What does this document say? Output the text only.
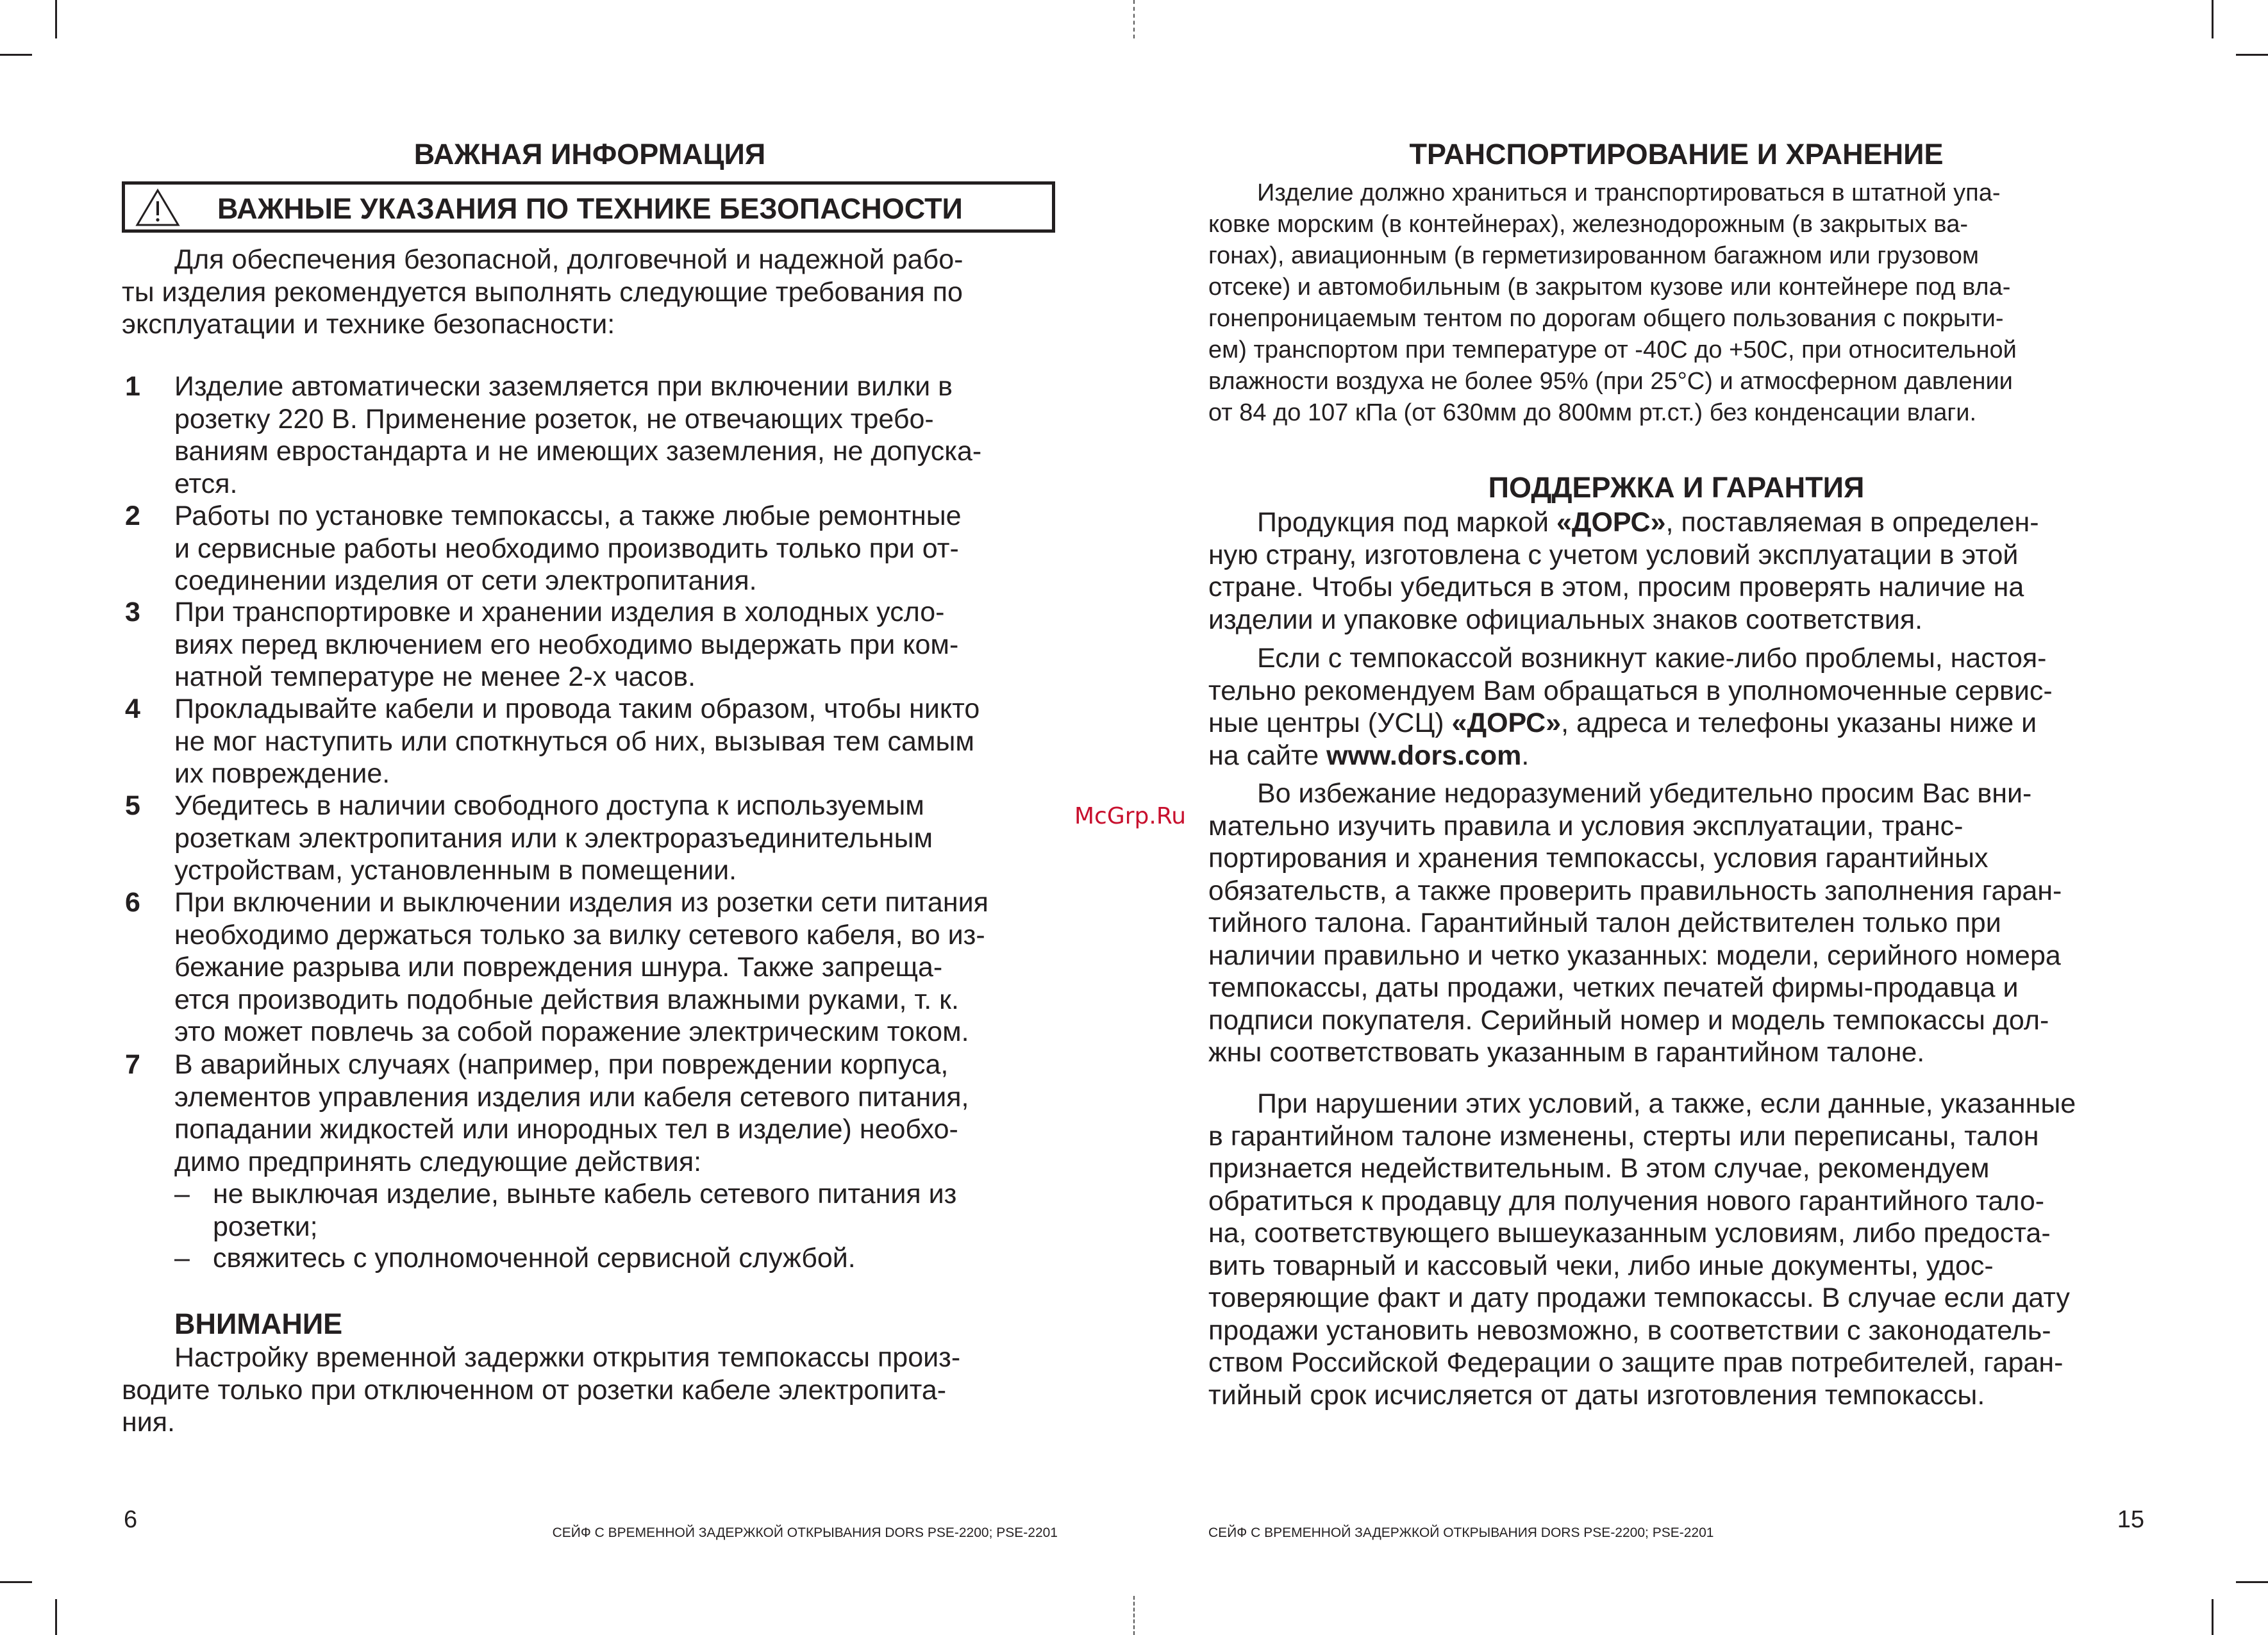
ВАЖНАЯ ИНФОРМАЦИЯ
ВАЖНЫЕ УКАЗАНИЯ ПО ТЕХНИКЕ БЕЗОПАСНОСТИ
Для обеспечения безопасной, долговечной и надежной рабо-
ты изделия рекомендуется выполнять следующие требования по
эксплуатации и технике безопасности:
1 Изделие автоматически заземляется при включении вилки в
розетку 220 В. Применение розеток, не отвечающих требо-
ваниям евростандарта и не имеющих заземления, не допуска-
ется.
2 Работы по установке темпокассы, а также любые ремонтные
и сервисные работы необходимо производить только при от-
соединении изделия от сети электропитания.
3 При транспортировке и хранении изделия в холодных усло-
виях перед включением его необходимо выдержать при ком-
натной температуре не менее 2-х часов.
4 Прокладывайте кабели и провода таким образом, чтобы никто
не мог наступить или споткнуться об них, вызывая тем самым
их повреждение.
5 Убедитесь в наличии свободного доступа к используемым
розеткам электропитания или к электроразъединительным
устройствам, установленным в помещении.
6 При включении и выключении изделия из розетки сети питания
необходимо держаться только за вилку сетевого кабеля, во из-
бежание разрыва или повреждения шнура. Также запреща-
ется производить подобные действия влажными руками, т. к.
это может повлечь за собой поражение электрическим током.
7 В аварийных случаях (например, при повреждении корпуса,
элементов управления изделия или кабеля сетевого питания,
попадании жидкостей или инородных тел в изделие) необхо-
димо предпринять следующие действия:
– не выключая изделие, выньте кабель сетевого питания из
розетки;
– свяжитесь с уполномоченной сервисной службой.
ВНИМАНИЕ
Настройку временной задержки открытия темпокассы произ-
водите только при отключенном от розетки кабеле электропита-
ния.
6	СЕЙФ С ВРЕМЕННОЙ ЗАДЕРЖКОЙ ОТКРЫВАНИЯ DORS PSE-2200; PSE-2201
McGrp.Ru
ТРАНСПОРТИРОВАНИЕ И ХРАНЕНИЕ
Изделие должно храниться и транспортироваться в штатной упа-
ковке морским (в контейнерах), железнодорожным (в закрытых ва-
гонах), авиационным (в герметизированном багажном или грузовом
отсеке) и автомобильным (в закрытом кузове или контейнере под вла-
гонепроницаемым тентом по дорогам общего пользования с покрыти-
ем) транспортом при температуре от -40С до +50С, при относительной
влажности воздуха не более 95% (при 25°С) и атмосферном давлении
от 84 до 107 кПа (от 630мм до 800мм рт.ст.) без конденсации влаги.
ПОДДЕРЖКА И ГАРАНТИЯ
Продукция под маркой «ДОРС», поставляемая в определен-
ную страну, изготовлена с учетом условий эксплуатации в этой
стране. Чтобы убедиться в этом, просим проверять наличие на
изделии и упаковке официальных знаков соответствия.
Если с темпокассой возникнут какие-либо проблемы, настоя-
тельно рекомендуем Вам обращаться в уполномоченные сервис-
ные центры (УСЦ) «ДОРС», адреса и телефоны указаны ниже и
на сайте www.dors.com.
Во избежание недоразумений убедительно просим Вас вни-
мательно изучить правила и условия эксплуатации, транс-
портирования и хранения темпокассы, условия гарантийных
обязательств, а также проверить правильность заполнения гаран-
тийного талона. Гарантийный талон действителен только при
наличии правильно и четко указанных: модели, серийного номера
темпокассы, даты продажи, четких печатей фирмы-продавца и
подписи покупателя. Серийный номер и модель темпокассы дол-
жны соответствовать указанным в гарантийном талоне.
При нарушении этих условий, а также, если данные, указанные
в гарантийном талоне изменены, стерты или переписаны, талон
признается недействительным. В этом случае, рекомендуем
обратиться к продавцу для получения нового гарантийного тало-
на, соответствующего вышеуказанным условиям, либо предоста-
вить товарный и кассовый чеки, либо иные документы, удос-
товеряющие факт и дату продажи темпокассы. В случае если дату
продажи установить невозможно, в соответствии с законодатель-
ством Российской Федерации о защите прав потребителей, гаран-
тийный срок исчисляется от даты изготовления темпокассы.
СЕЙФ С ВРЕМЕННОЙ ЗАДЕРЖКОЙ ОТКРЫВАНИЯ DORS PSE-2200; PSE-2201	15
